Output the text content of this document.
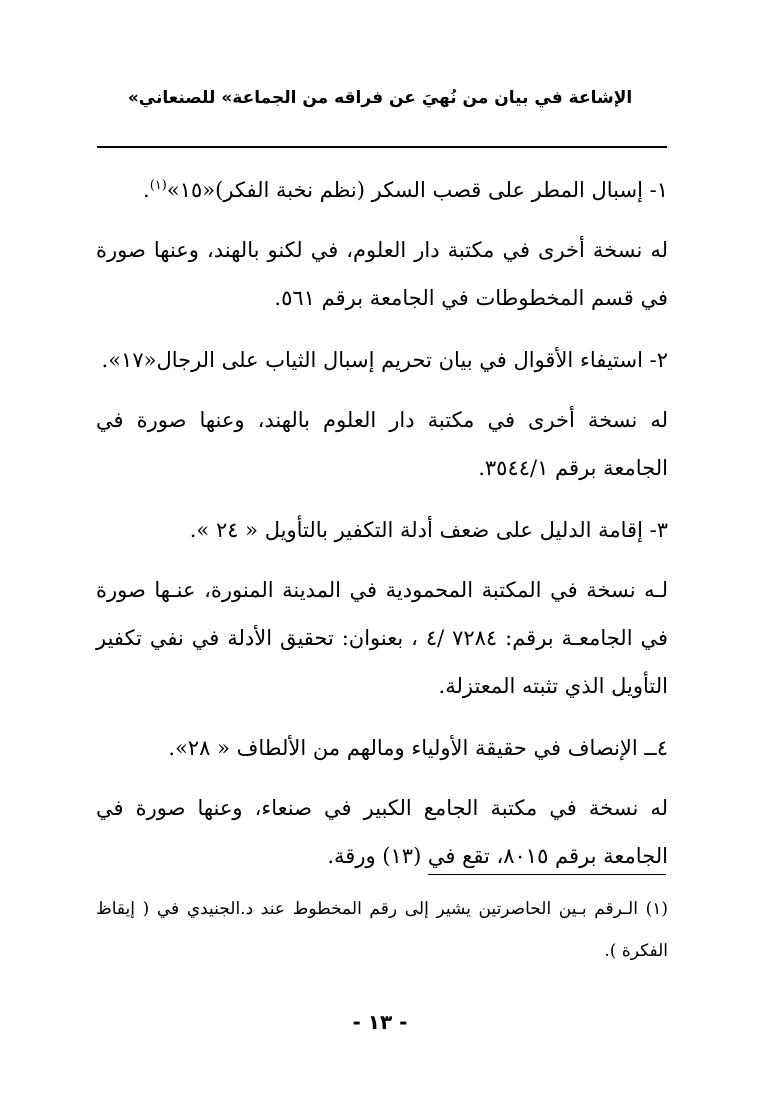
«الإشاعة في بيان من نُهيَ عن فراقه من الجماعة» للصنعاني

١- إسبال المطر على قصب السكر (نظم نخبة الفكر)«١٥»$^{(١)}$.

له نسخة أخرى في مكتبة دار العلوم، في لكنو بالهند، وعنها صورة في قسم المخطوطات في الجامعة برقم ٥٦١.

٢- استيفاء الأقوال في بيان تحريم إسبال الثياب على الرجال«١٧».

له نسخة أخرى في مكتبة دار العلوم بالهند، وعنها صورة في الجامعة برقم ٣٥٤٤/١.

٣- إقامة الدليل على ضعف أدلة التكفير بالتأويل « ٢٤ ».

لـه نسخة في المكتبة المحمودية في المدينة المنورة، عنـها صورة في الجامعـة برقم: ٧٢٨٤ /٤ ، بعنوان: تحقيق الأدلة في نفي تكفير التأويل الذي تثبته المعتزلة.

٤ــ الإنصاف في حقيقة الأولياء ومالهم من الألطاف « ٢٨».

له نسخة في مكتبة الجامع الكبير في صنعاء، وعنها صورة في الجامعة برقم ٨٠١٥، تقع في (١٣) ورقة.

(١) الـرقم بـين الحاصرتين يشير إلى رقم المخطوط عند د.الجنيدي في ( إيقاظ الفكرة ).
- ١٣ -
